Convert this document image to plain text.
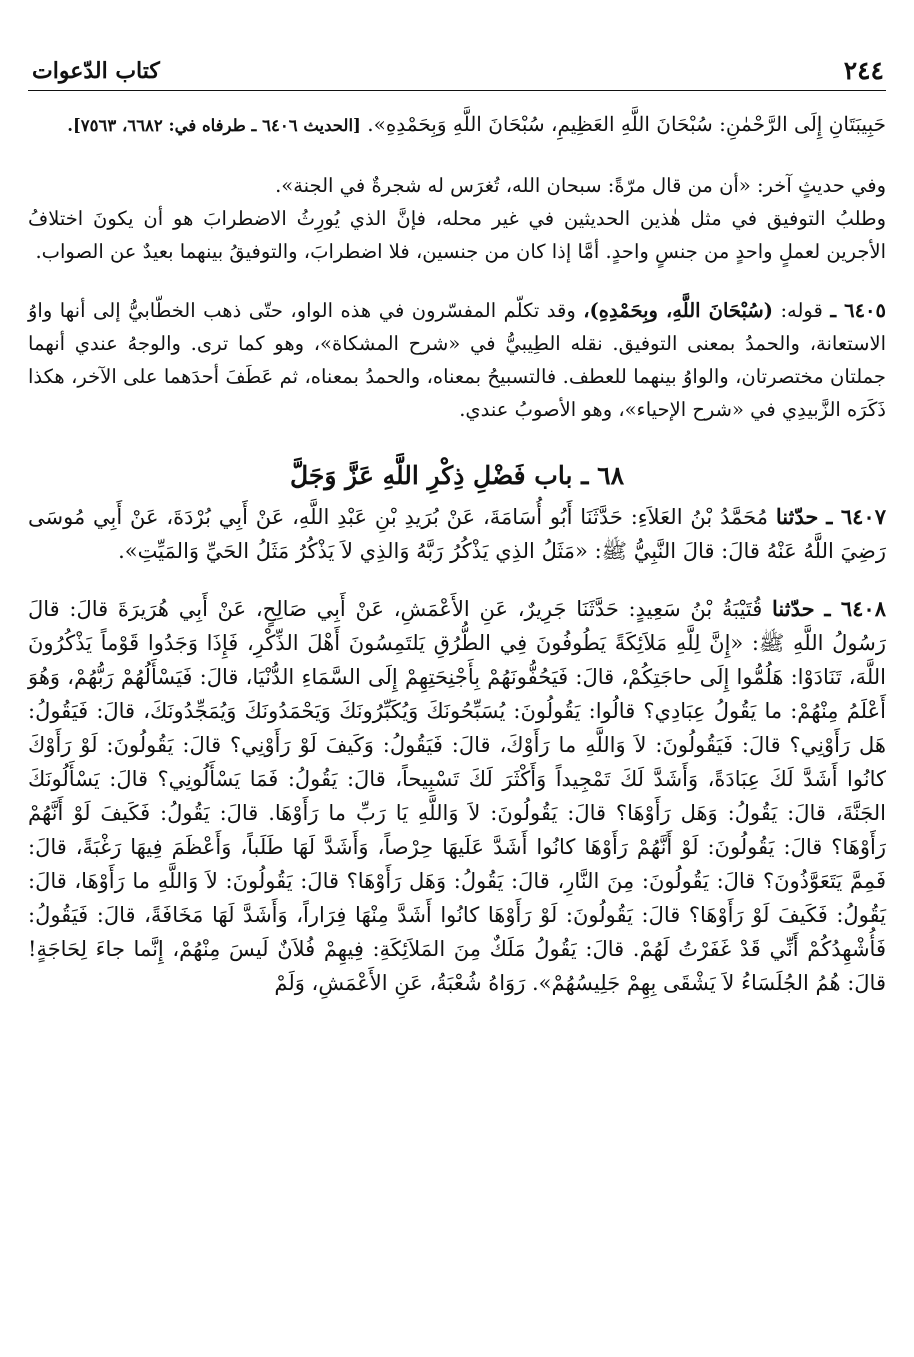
٢٤٤
كتاب الدّعوات

حَبِيبَتَانِ إِلَى الرَّحْمٰنِ: سُبْحَانَ اللَّهِ العَظِيمِ، سُبْحَانَ اللَّهِ وَبِحَمْدِهِ». [الحديث ٦٤٠٦ ـ طرفاه في: ٦٦٨٢، ٧٥٦٣].

وفي حديثٍ آخر: «أن من قال مرّةً: سبحان الله، تُغرَس له شجرةٌ في الجنة».

وطلبُ التوفيق في مثل هٰذين الحديثين في غير محله، فإنَّ الذي يُورِثُ الاضطرابَ هو أن يكونَ اختلافُ الأجرين لعملٍ واحدٍ من جنسٍ واحدٍ. أمَّا إذا كان من جنسين، فلا اضطرابَ، والتوفيقُ بينهما بعيدٌ عن الصواب.

٦٤٠٥ ـ قوله: (سُبْحَانَ اللَّهِ، وبِحَمْدِهِ)، وقد تكلّم المفسّرون في هذه الواو، حتّى ذهب الخطّابيُّ إلى أنها واوُ الاستعانة، والحمدُ بمعنى التوفيق. نقله الطِيبيُّ في «شرح المشكاة»، وهو كما ترى. والوجهُ عندي أنهما جملتان مختصرتان، والواوُ بينهما للعطف. فالتسبيحُ بمعناه، والحمدُ بمعناه، ثم عَطَفَ أحدَهما على الآخر، هكذا ذَكَرَه الزَّبيدِي في «شرح الإحياء»، وهو الأصوبُ عندي.

٦٨ ـ باب فَضْلِ ذِكْرِ اللَّهِ عَزَّ وَجَلَّ

٦٤٠٧ ـ حدّثنا مُحَمَّدُ بْنُ العَلاَءِ: حَدَّثَنَا أَبُو أُسَامَةَ، عَنْ بُرَيدِ بْنِ عَبْدِ اللَّهِ، عَنْ أَبِي بُرْدَةَ، عَنْ أَبِي مُوسَى رَضِيَ اللَّهُ عَنْهُ قالَ: قالَ النَّبِيُّ ﷺ: «مَثَلُ الذِي يَذْكُرُ رَبَّهُ وَالذِي لاَ يَذْكُرُ مَثَلُ الحَيِّ وَالمَيِّتِ».

٦٤٠٨ ـ حدّثنا قُتَيْبَةُ بْنُ سَعِيدٍ: حَدَّثَنَا جَرِيرٌ، عَنِ الأَعْمَشِ، عَنْ أَبِي صَالِحٍ، عَنْ أَبِي هُرَيرَةَ قالَ: قالَ رَسُولُ اللَّهِ ﷺ: «إِنَّ لِلَّهِ مَلاَئِكَةً يَطُوفُونَ فِي الطُّرُقِ يَلتَمِسُونَ أَهْلَ الذِّكْرِ، فَإِذَا وَجَدُوا قَوْماً يَذْكُرُونَ اللَّهَ، تَنَادَوْا: هَلُمُّوا إِلَى حاجَتِكُمْ، قالَ: فَيَحُفُّونَهُمْ بِأَجْنِحَتِهِمْ إِلَى السَّمَاءِ الدُّنْيَا، قالَ: فَيَسْأَلُهُمْ رَبُّهُمْ، وَهُوَ أَعْلَمُ مِنْهُمْ: ما يَقُولُ عِبَادِي؟ قالُوا: يَقُولُونَ: يُسَبِّحُونَكَ وَيُكَبِّرُونَكَ وَيَحْمَدُونَكَ وَيُمَجِّدُونَكَ، قالَ: فَيَقُولُ: هَل رَأَوْنِي؟ قالَ: فَيَقُولُونَ: لاَ وَاللَّهِ ما رَأَوْكَ، قالَ: فَيَقُولُ: وَكَيفَ لَوْ رَأَوْنِي؟ قالَ: يَقُولُونَ: لَوْ رَأَوْكَ كانُوا أَشَدَّ لَكَ عِبَادَةً، وَأَشَدَّ لَكَ تَمْجِيداً وَأَكْثَرَ لَكَ تَسْبِيحاً، قالَ: يَقُولُ: فَمَا يَسْأَلُونِي؟ قالَ: يَسْأَلُونَكَ الجَنَّةَ، قالَ: يَقُولُ: وَهَل رَأَوْهَا؟ قالَ: يَقُولُونَ: لاَ وَاللَّهِ يَا رَبِّ ما رَأَوْهَا. قالَ: يَقُولُ: فَكَيفَ لَوْ أَنَّهُمْ رَأَوْهَا؟ قالَ: يَقُولُونَ: لَوْ أَنَّهُمْ رَأَوْهَا كانُوا أَشَدَّ عَلَيهَا حِرْصاً، وَأَشَدَّ لَهَا طَلَباً، وَأَعْظَمَ فِيهَا رَغْبَةً، قالَ: فَمِمَّ يَتَعَوَّذُونَ؟ قالَ: يَقُولُونَ: مِنَ النَّارِ، قالَ: يَقُولُ: وَهَل رَأَوْهَا؟ قالَ: يَقُولُونَ: لاَ وَاللَّهِ ما رَأَوْهَا، قالَ: يَقُولُ: فَكَيفَ لَوْ رَأَوْهَا؟ قالَ: يَقُولُونَ: لَوْ رَأَوْهَا كانُوا أَشَدَّ مِنْهَا فِرَاراً، وَأَشَدَّ لَهَا مَخَافَةً، قالَ: فَيَقُولُ: فَأُشْهِدُكُمْ أَنِّي قَدْ غَفَرْتُ لَهُمْ. قالَ: يَقُولُ مَلَكٌ مِنَ المَلاَئِكَةِ: فِيهِمْ فُلاَنٌ لَيسَ مِنْهُمْ، إِنَّما جاءَ لِحَاجَةٍ! قالَ: هُمُ الجُلَسَاءُ لاَ يَشْقَى بِهِمْ جَلِيسُهُمْ». رَوَاهُ شُعْبَةُ، عَنِ الأَعْمَشِ، وَلَمْ
